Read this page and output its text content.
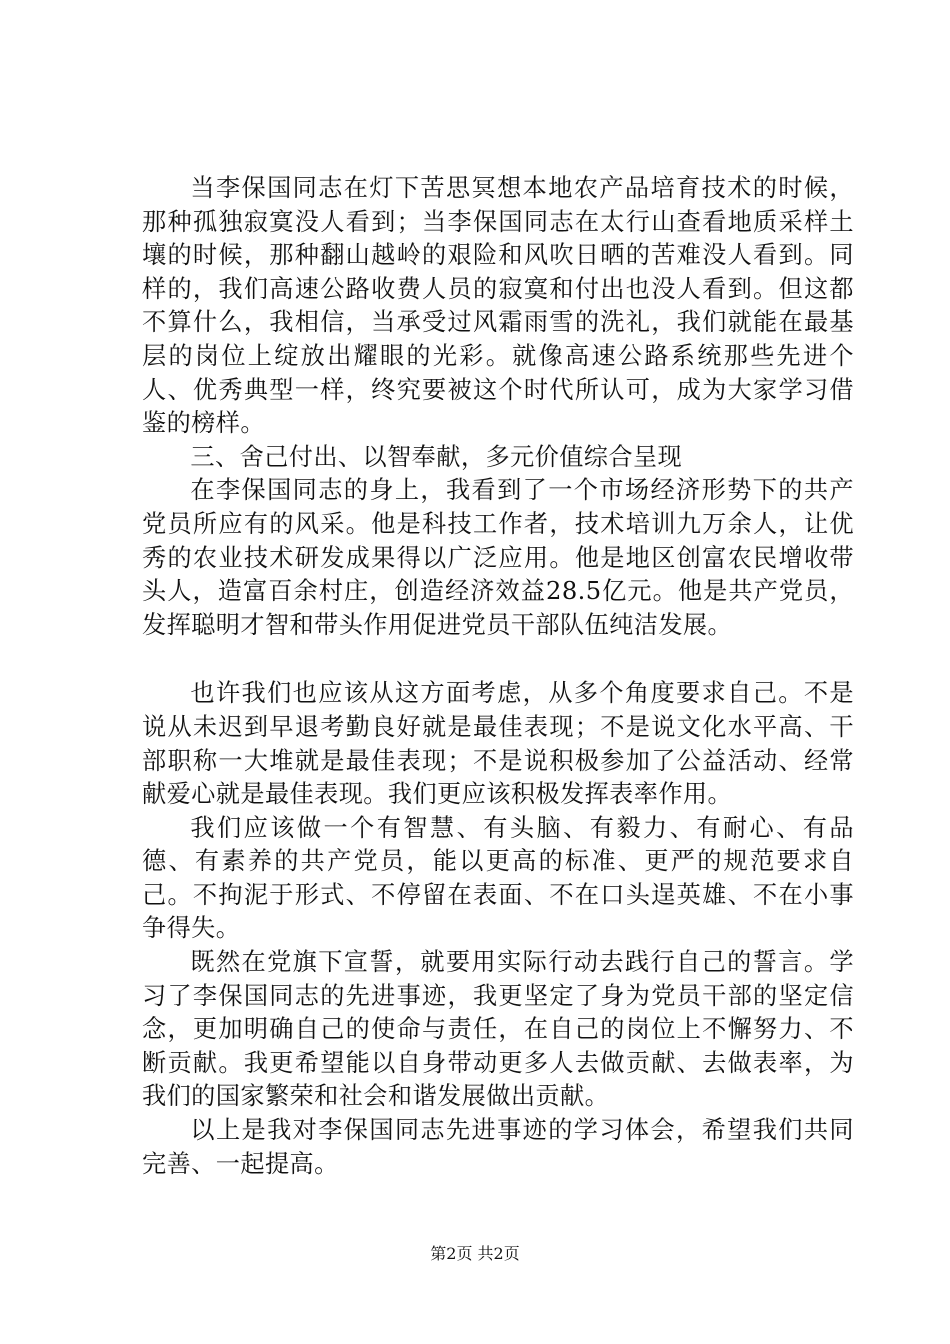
当李保国同志在灯下苦思冥想本地农产品培育技术的时候，那种孤独寂寞没人看到；当李保国同志在太行山查看地质采样土壤的时候，那种翻山越岭的艰险和风吹日晒的苦难没人看到。同样的，我们高速公路收费人员的寂寞和付出也没人看到。但这都不算什么，我相信，当承受过风霜雨雪的洗礼，我们就能在最基层的岗位上绽放出耀眼的光彩。就像高速公路系统那些先进个人、优秀典型一样，终究要被这个时代所认可，成为大家学习借鉴的榜样。

三、舍己付出、以智奉献，多元价值综合呈现

在李保国同志的身上，我看到了一个市场经济形势下的共产党员所应有的风采。他是科技工作者，技术培训九万余人，让优秀的农业技术研发成果得以广泛应用。他是地区创富农民增收带头人，造富百余村庄，创造经济效益28.5亿元。他是共产党员，发挥聪明才智和带头作用促进党员干部队伍纯洁发展。

也许我们也应该从这方面考虑，从多个角度要求自己。不是说从未迟到早退考勤良好就是最佳表现；不是说文化水平高、干部职称一大堆就是最佳表现；不是说积极参加了公益活动、经常献爱心就是最佳表现。我们更应该积极发挥表率作用。

我们应该做一个有智慧、有头脑、有毅力、有耐心、有品德、有素养的共产党员，能以更高的标准、更严的规范要求自己。不拘泥于形式、不停留在表面、不在口头逞英雄、不在小事争得失。

既然在党旗下宣誓，就要用实际行动去践行自己的誓言。学习了李保国同志的先进事迹，我更坚定了身为党员干部的坚定信念，更加明确自己的使命与责任，在自己的岗位上不懈努力、不断贡献。我更希望能以自身带动更多人去做贡献、去做表率，为我们的国家繁荣和社会和谐发展做出贡献。

以上是我对李保国同志先进事迹的学习体会，希望我们共同完善、一起提高。

第2页 共2页
